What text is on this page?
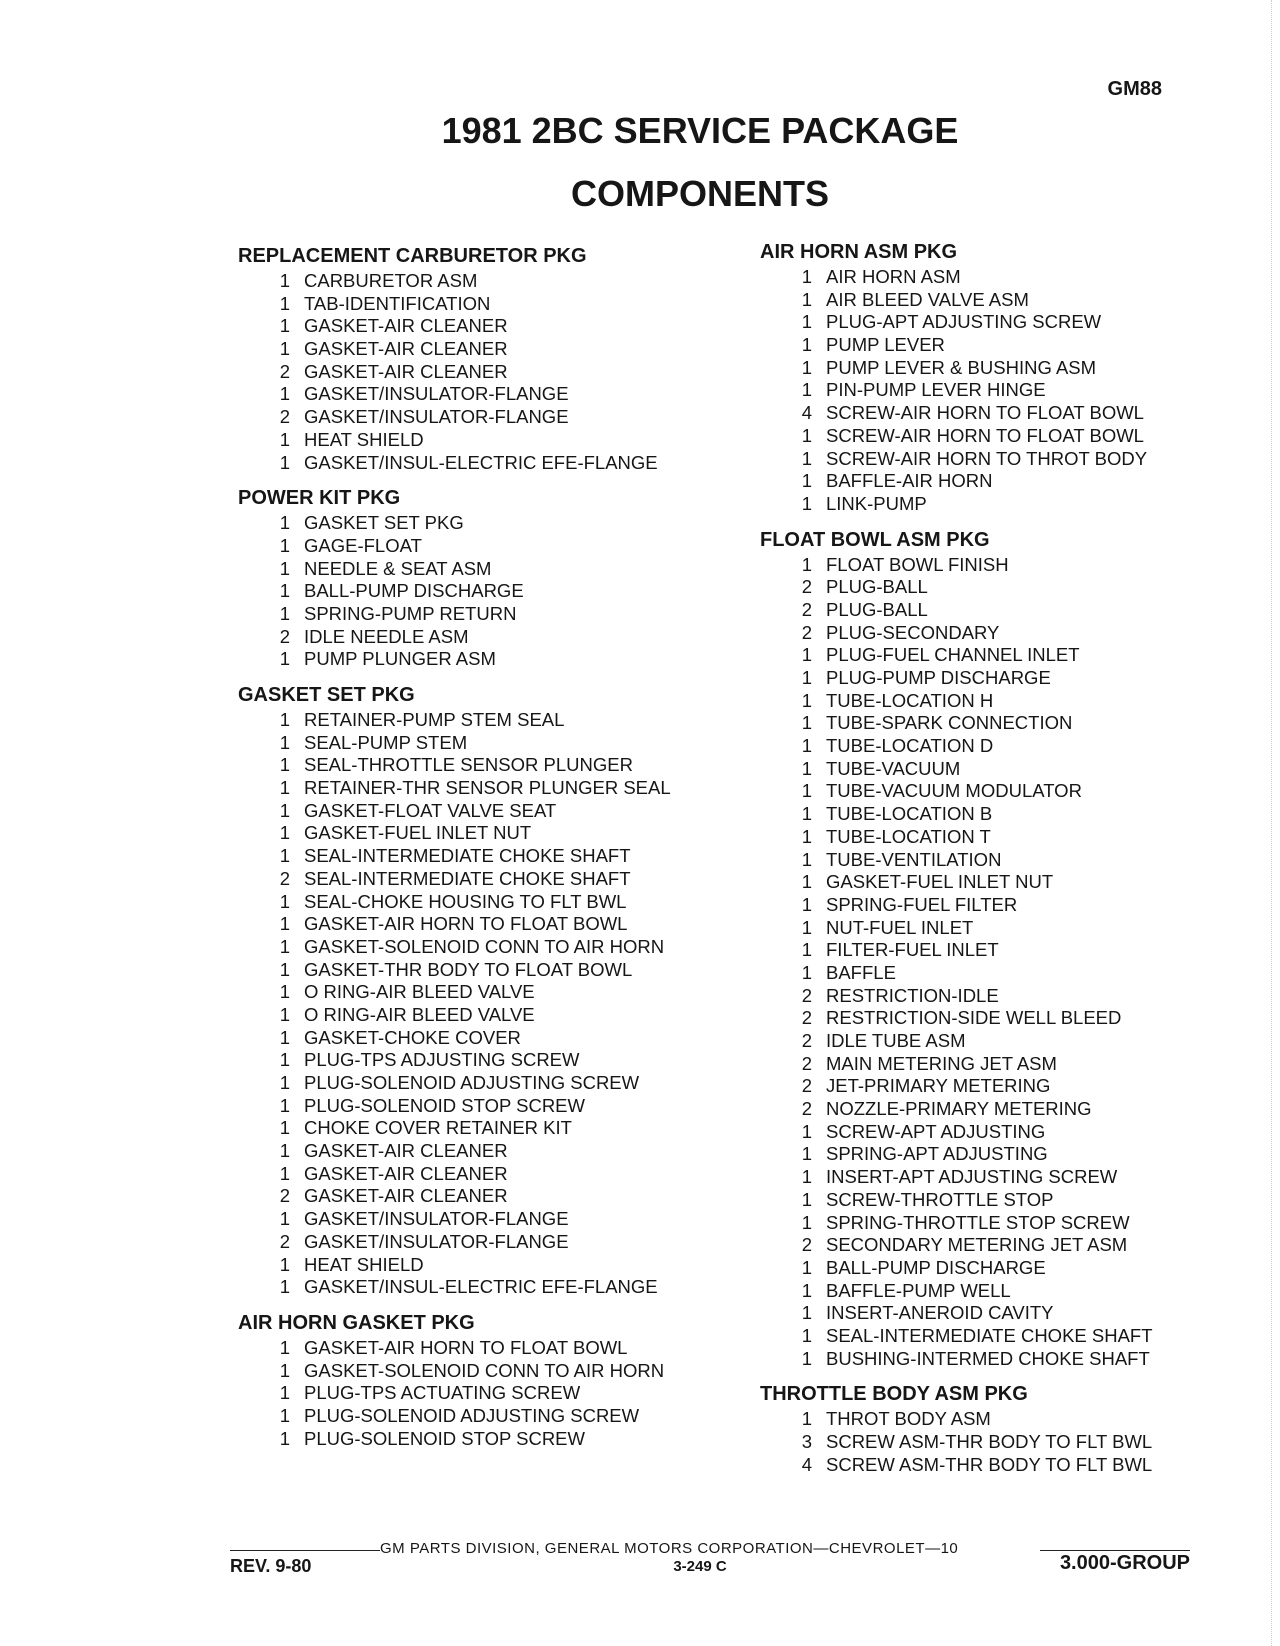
GM88
1981 2BC SERVICE PACKAGE
COMPONENTS
REPLACEMENT CARBURETOR PKG
1 CARBURETOR ASM
1 TAB-IDENTIFICATION
1 GASKET-AIR CLEANER
1 GASKET-AIR CLEANER
2 GASKET-AIR CLEANER
1 GASKET/INSULATOR-FLANGE
2 GASKET/INSULATOR-FLANGE
1 HEAT SHIELD
1 GASKET/INSUL-ELECTRIC EFE-FLANGE
POWER KIT PKG
1 GASKET SET PKG
1 GAGE-FLOAT
1 NEEDLE & SEAT ASM
1 BALL-PUMP DISCHARGE
1 SPRING-PUMP RETURN
2 IDLE NEEDLE ASM
1 PUMP PLUNGER ASM
GASKET SET PKG
1 RETAINER-PUMP STEM SEAL
1 SEAL-PUMP STEM
1 SEAL-THROTTLE SENSOR PLUNGER
1 RETAINER-THR SENSOR PLUNGER SEAL
1 GASKET-FLOAT VALVE SEAT
1 GASKET-FUEL INLET NUT
1 SEAL-INTERMEDIATE CHOKE SHAFT
2 SEAL-INTERMEDIATE CHOKE SHAFT
1 SEAL-CHOKE HOUSING TO FLT BWL
1 GASKET-AIR HORN TO FLOAT BOWL
1 GASKET-SOLENOID CONN TO AIR HORN
1 GASKET-THR BODY TO FLOAT BOWL
1 O RING-AIR BLEED VALVE
1 O RING-AIR BLEED VALVE
1 GASKET-CHOKE COVER
1 PLUG-TPS ADJUSTING SCREW
1 PLUG-SOLENOID ADJUSTING SCREW
1 PLUG-SOLENOID STOP SCREW
1 CHOKE COVER RETAINER KIT
1 GASKET-AIR CLEANER
1 GASKET-AIR CLEANER
2 GASKET-AIR CLEANER
1 GASKET/INSULATOR-FLANGE
2 GASKET/INSULATOR-FLANGE
1 HEAT SHIELD
1 GASKET/INSUL-ELECTRIC EFE-FLANGE
AIR HORN GASKET PKG
1 GASKET-AIR HORN TO FLOAT BOWL
1 GASKET-SOLENOID CONN TO AIR HORN
1 PLUG-TPS ACTUATING SCREW
1 PLUG-SOLENOID ADJUSTING SCREW
1 PLUG-SOLENOID STOP SCREW
AIR HORN ASM PKG
1 AIR HORN ASM
1 AIR BLEED VALVE ASM
1 PLUG-APT ADJUSTING SCREW
1 PUMP LEVER
1 PUMP LEVER & BUSHING ASM
1 PIN-PUMP LEVER HINGE
4 SCREW-AIR HORN TO FLOAT BOWL
1 SCREW-AIR HORN TO FLOAT BOWL
1 SCREW-AIR HORN TO THROT BODY
1 BAFFLE-AIR HORN
1 LINK-PUMP
FLOAT BOWL ASM PKG
1 FLOAT BOWL FINISH
2 PLUG-BALL
2 PLUG-BALL
2 PLUG-SECONDARY
1 PLUG-FUEL CHANNEL INLET
1 PLUG-PUMP DISCHARGE
1 TUBE-LOCATION H
1 TUBE-SPARK CONNECTION
1 TUBE-LOCATION D
1 TUBE-VACUUM
1 TUBE-VACUUM MODULATOR
1 TUBE-LOCATION B
1 TUBE-LOCATION T
1 TUBE-VENTILATION
1 GASKET-FUEL INLET NUT
1 SPRING-FUEL FILTER
1 NUT-FUEL INLET
1 FILTER-FUEL INLET
1 BAFFLE
2 RESTRICTION-IDLE
2 RESTRICTION-SIDE WELL BLEED
2 IDLE TUBE ASM
2 MAIN METERING JET ASM
2 JET-PRIMARY METERING
2 NOZZLE-PRIMARY METERING
1 SCREW-APT ADJUSTING
1 SPRING-APT ADJUSTING
1 INSERT-APT ADJUSTING SCREW
1 SCREW-THROTTLE STOP
1 SPRING-THROTTLE STOP SCREW
2 SECONDARY METERING JET ASM
1 BALL-PUMP DISCHARGE
1 BAFFLE-PUMP WELL
1 INSERT-ANEROID CAVITY
1 SEAL-INTERMEDIATE CHOKE SHAFT
1 BUSHING-INTERMED CHOKE SHAFT
THROTTLE BODY ASM PKG
1 THROT BODY ASM
3 SCREW ASM-THR BODY TO FLT BWL
4 SCREW ASM-THR BODY TO FLT BWL
GM PARTS DIVISION, GENERAL MOTORS CORPORATION—CHEVROLET—10
REV. 9-80	3-249 C	3.000-GROUP
